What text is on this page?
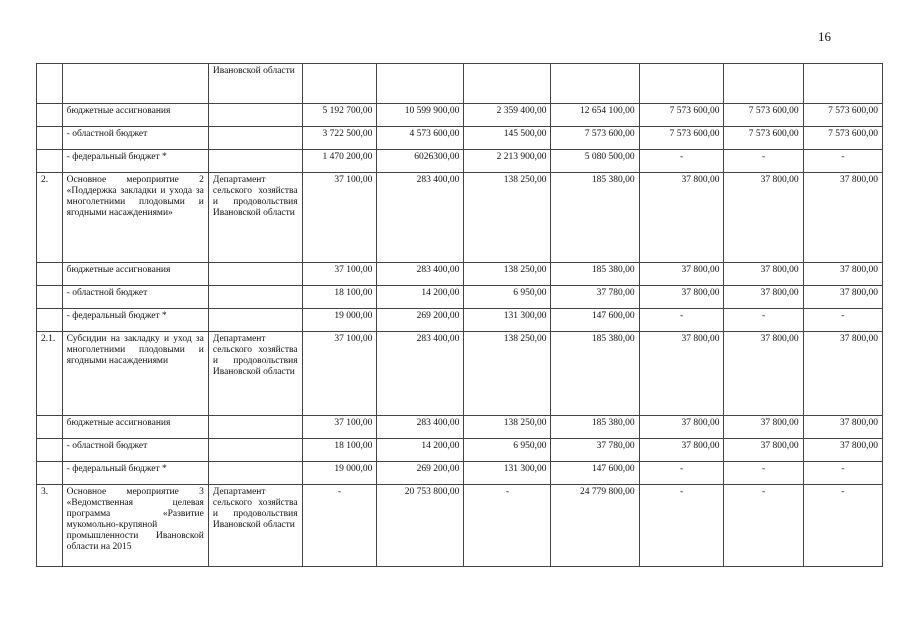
16
		Ивановской области							
	бюджетные ассигнования		5 192 700,00	10 599 900,00	2 359 400,00	12 654 100,00	7 573 600,00	7 573 600,00	7 573 600,00
	- областной бюджет		3 722 500,00	4 573 600,00	145 500,00	7 573 600,00	7 573 600,00	7 573 600,00	7 573 600,00
	- федеральный бюджет *		1 470 200,00	6026300,00	2 213 900,00	5 080 500,00	-	-	-
2.	Основное мероприятие 2 «Поддержка закладки и ухода за многолетними плодовыми и ягодными насаждениями»	Департамент сельского хозяйства и продовольствия Ивановской области	37 100,00	283 400,00	138 250,00	185 380,00	37 800,00	37 800,00	37 800,00
	бюджетные ассигнования		37 100,00	283 400,00	138 250,00	185 380,00	37 800,00	37 800,00	37 800,00
	- областной бюджет		18 100,00	14 200,00	6 950,00	37 780,00	37 800,00	37 800,00	37 800,00
	- федеральный бюджет *		19 000,00	269 200,00	131 300,00	147 600,00	-	-	-
2.1.	Субсидии на закладку и уход за многолетними плодовыми и ягодными насаждениями	Департамент сельского хозяйства и продовольствия Ивановской области	37 100,00	283 400,00	138 250,00	185 380,00	37 800,00	37 800,00	37 800,00
	бюджетные ассигнования		37 100,00	283 400,00	138 250,00	185 380,00	37 800,00	37 800,00	37 800,00
	- областной бюджет		18 100,00	14 200,00	6 950,00	37 780,00	37 800,00	37 800,00	37 800,00
	- федеральный бюджет *		19 000,00	269 200,00	131 300,00	147 600,00	-	-	-
3.	Основное мероприятие 3 «Ведомственная целевая программа «Развитие мукомольно-крупяной промышленности Ивановской области на 2015	Департамент сельского хозяйства и продовольствия Ивановской области	-	20 753 800,00	-	24 779 800,00	-	-	-
